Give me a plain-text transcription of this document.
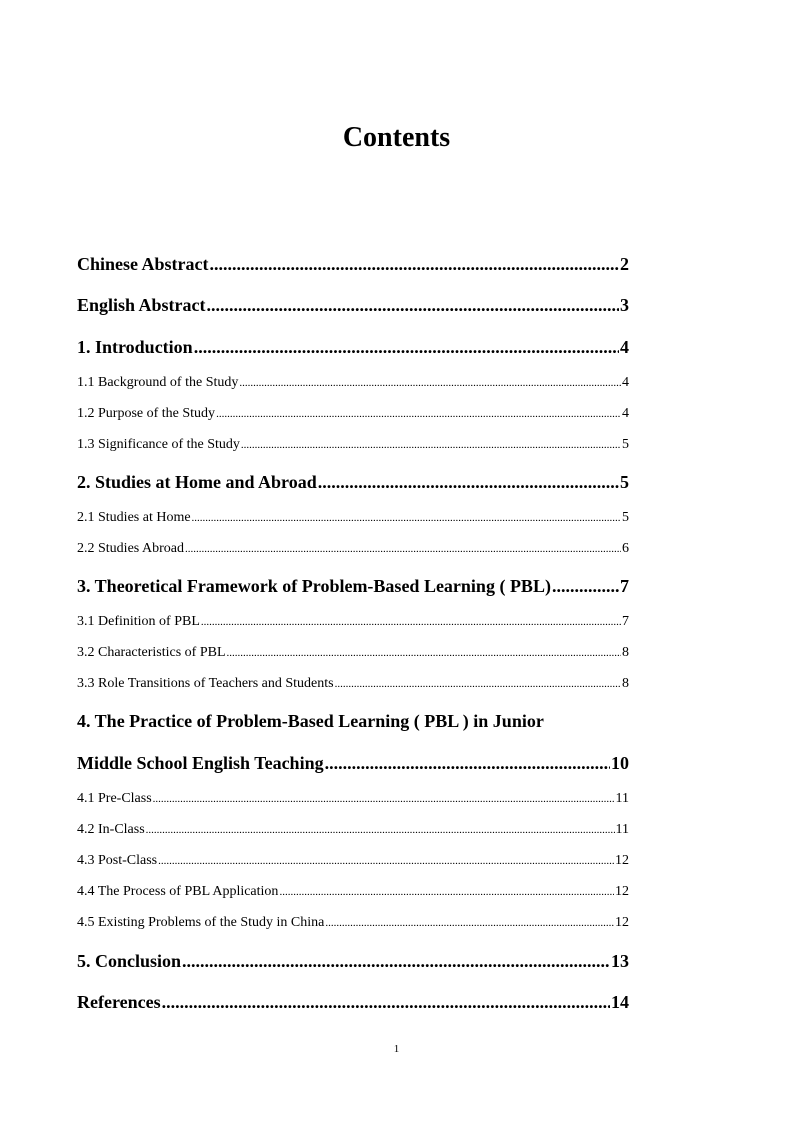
Contents
Chinese Abstract .....	2
English Abstract .....	3
1. Introduction .....	4
1.1 Background of the Study .....	4
1.2 Purpose of the Study .....	4
1.3 Significance of the Study .....	5
2. Studies at Home and Abroad .....	5
2.1 Studies at Home .....	5
2.2 Studies Abroad .....	6
3. Theoretical Framework of Problem-Based Learning ( PBL) .....	7
3.1 Definition of PBL .....	7
3.2 Characteristics of PBL .....	8
3.3 Role Transitions of Teachers and Students .....	8
4. The Practice of Problem-Based Learning ( PBL ) in Junior
Middle School English Teaching .....	10
4.1 Pre-Class .....	11
4.2 In-Class .....	11
4.3 Post-Class .....	12
4.4 The Process of PBL Application .....	12
4.5 Existing Problems of the Study in China .....	12
5. Conclusion .....	13
References .....	14
1
